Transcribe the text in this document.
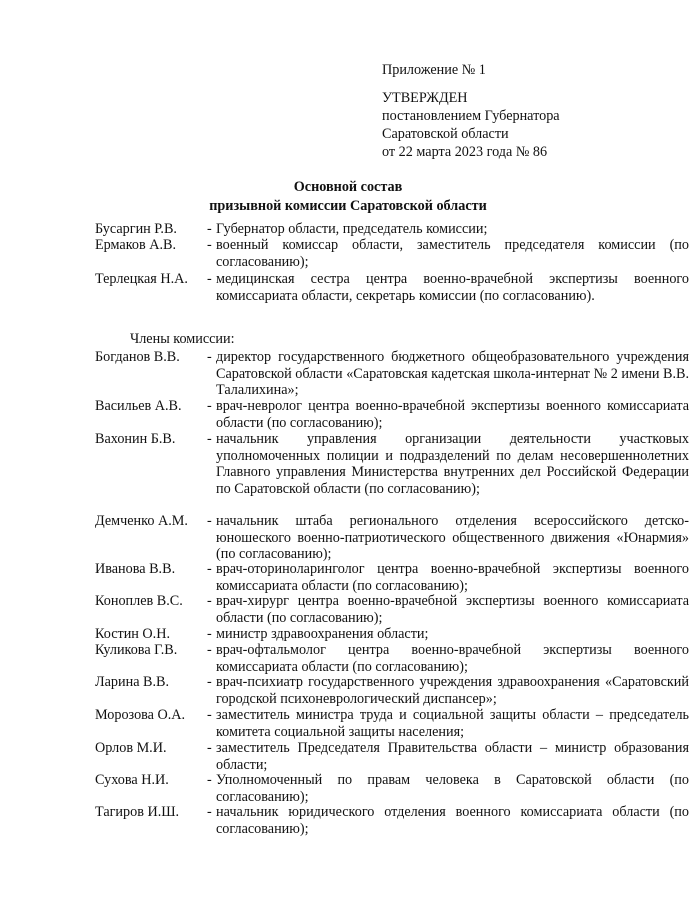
Приложение № 1
УТВЕРЖДЕН
постановлением Губернатора
Саратовской области
от 22 марта 2023 года № 86
Основной состав
призывной комиссии Саратовской области
Бусаргин Р.В. - Губернатор области, председатель комиссии;
Ермаков А.В. - военный комиссар области, заместитель председателя комиссии (по согласованию);
Терлецкая Н.А. - медицинская сестра центра военно-врачебной экспертизы военного комиссариата области, секретарь комиссии (по согласованию).
Члены комиссии:
Богданов В.В. - директор государственного бюджетного общеобразовательного учреждения Саратовской области «Саратовская кадетская школа-интернат № 2 имени В.В. Талалихина»;
Васильев А.В. - врач-невролог центра военно-врачебной экспертизы военного комиссариата области (по согласованию);
Вахонин Б.В. - начальник управления организации деятельности участковых уполномоченных полиции и подразделений по делам несовершеннолетних Главного управления Министерства внутренних дел Российской Федерации по Саратовской области (по согласованию);
Демченко А.М. - начальник штаба регионального отделения всероссийского детско-юношеского военно-патриотического общественного движения «Юнармия» (по согласованию);
Иванова В.В. - врач-оториноларинголог центра военно-врачебной экспертизы военного комиссариата области (по согласованию);
Коноплев В.С. - врач-хирург центра военно-врачебной экспертизы военного комиссариата области (по согласованию);
Костин О.Н.	- министр здравоохранения области;
Куликова Г.В. - врач-офтальмолог центра военно-врачебной экспертизы военного комиссариата области (по согласованию);
Ларина В.В.	- врач-психиатр государственного учреждения здравоохранения «Саратовский городской психоневрологический диспансер»;
Морозова О.А. - заместитель министра труда и социальной защиты области – председатель комитета социальной защиты населения;
Орлов М.И.	- заместитель Председателя Правительства области – министр образования области;
Сухова Н.И.	- Уполномоченный по правам человека в Саратовской области (по согласованию);
Тагиров И.Ш. - начальник юридического отделения военного комиссариата области (по согласованию);
